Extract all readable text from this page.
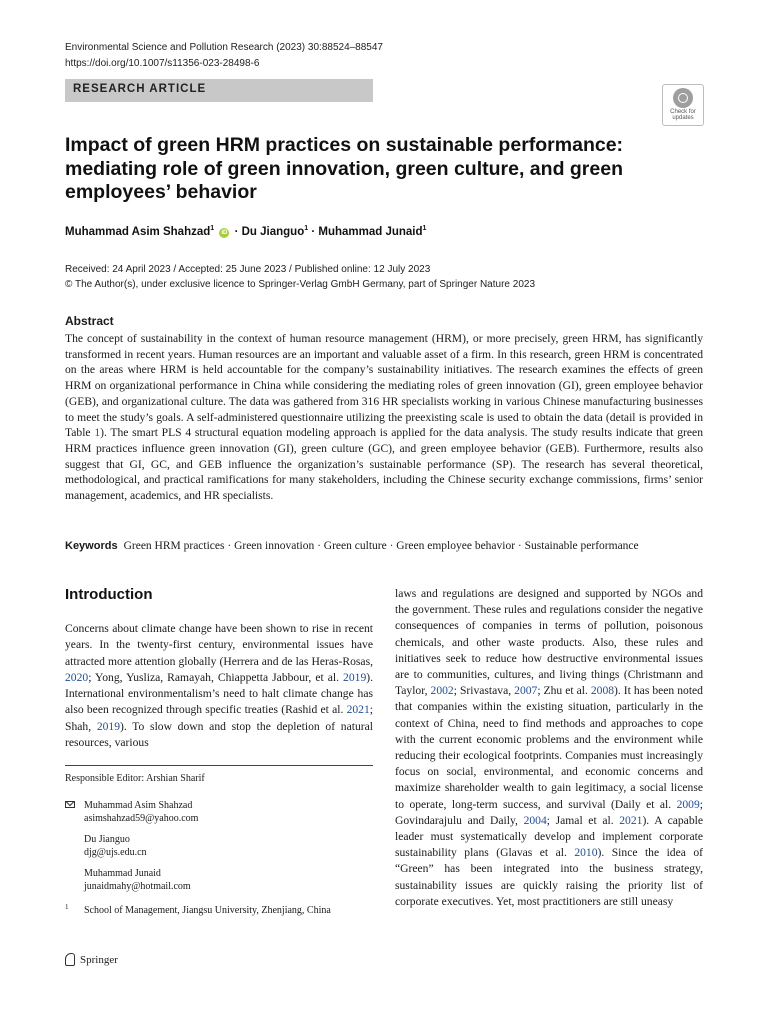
Environmental Science and Pollution Research (2023) 30:88524–88547
https://doi.org/10.1007/s11356-023-28498-6
RESEARCH ARTICLE
Check for
updates
Impact of green HRM practices on sustainable performance: mediating role of green innovation, green culture, and green employees’ behavior
Muhammad Asim Shahzad$^1$ iD · Du Jianguo$^1$ · Muhammad Junaid$^1$
Received: 24 April 2023 / Accepted: 25 June 2023 / Published online: 12 July 2023
© The Author(s), under exclusive licence to Springer-Verlag GmbH Germany, part of Springer Nature 2023
Abstract
The concept of sustainability in the context of human resource management (HRM), or more precisely, green HRM, has significantly transformed in recent years. Human resources are an important and valuable asset of a firm. In this research, green HRM is concentrated on the areas where HRM is held accountable for the company’s sustainability initiatives. The research examines the effects of green HRM on organizational performance in China while considering the mediating roles of green innovation (GI), green employee behavior (GEB), and organizational culture. The data was gathered from 316 HR specialists working in various Chinese manufacturing businesses to meet the study’s goals. A self-administered questionnaire utilizing the preexisting scale is used to obtain the data (detail is provided in Table 1). The smart PLS 4 structural equation modeling approach is applied for the data analysis. The study results indicate that green HRM practices influence green innovation (GI), green culture (GC), and green employee behavior (GEB). Furthermore, results also suggest that GI, GC, and GEB influence the organization’s sustainable performance (SP). The research has several theoretical, methodological, and practical ramifications for many stakeholders, including the Chinese security exchange commissions, firms’ senior management, academics, and HR specialists.
Keywords Green HRM practices · Green innovation · Green culture · Green employee behavior · Sustainable performance
Introduction
Concerns about climate change have been shown to rise in recent years. In the twenty-first century, environmental issues have attracted more attention globally (Herrera and de las Heras-Rosas, 2020; Yong, Yusliza, Ramayah, Chiappetta Jabbour, et al. 2019). International environmentalism’s need to halt climate change has also been recognized through specific treaties (Rashid et al. 2021; Shah, 2019). To slow down and stop the depletion of natural resources, various
laws and regulations are designed and supported by NGOs and the government. These rules and regulations consider the negative consequences of companies in terms of pollution, poisonous chemicals, and other waste products. Also, these rules and initiatives seek to reduce how destructive environmental issues are to communities, cultures, and living things (Christmann and Taylor, 2002; Srivastava, 2007; Zhu et al. 2008). It has been noted that companies within the existing situation, particularly in the context of China, need to find methods and approaches to cope with the current economic problems and the environment while reducing their ecological footprints. Companies must increasingly focus on social, environmental, and economic concerns and maximize shareholder wealth to gain legitimacy, a social license to operate, long-term success, and survival (Daily et al. 2009; Govindarajulu and Daily, 2004; Jamal et al. 2021). A capable leader must systematically develop and implement corporate sustainability plans (Glavas et al. 2010). Since the idea of “Green” has been integrated into the business strategy, sustainability issues are quickly raising the priority list of corporate executives. Yet, most practitioners are still uneasy
Responsible Editor: Arshian Sharif
Muhammad Asim Shahzad
asimshahzad59@yahoo.com
Du Jianguo
djg@ujs.edu.cn
Muhammad Junaid
junaidmahy@hotmail.com
1 School of Management, Jiangsu University, Zhenjiang, China
Springer
